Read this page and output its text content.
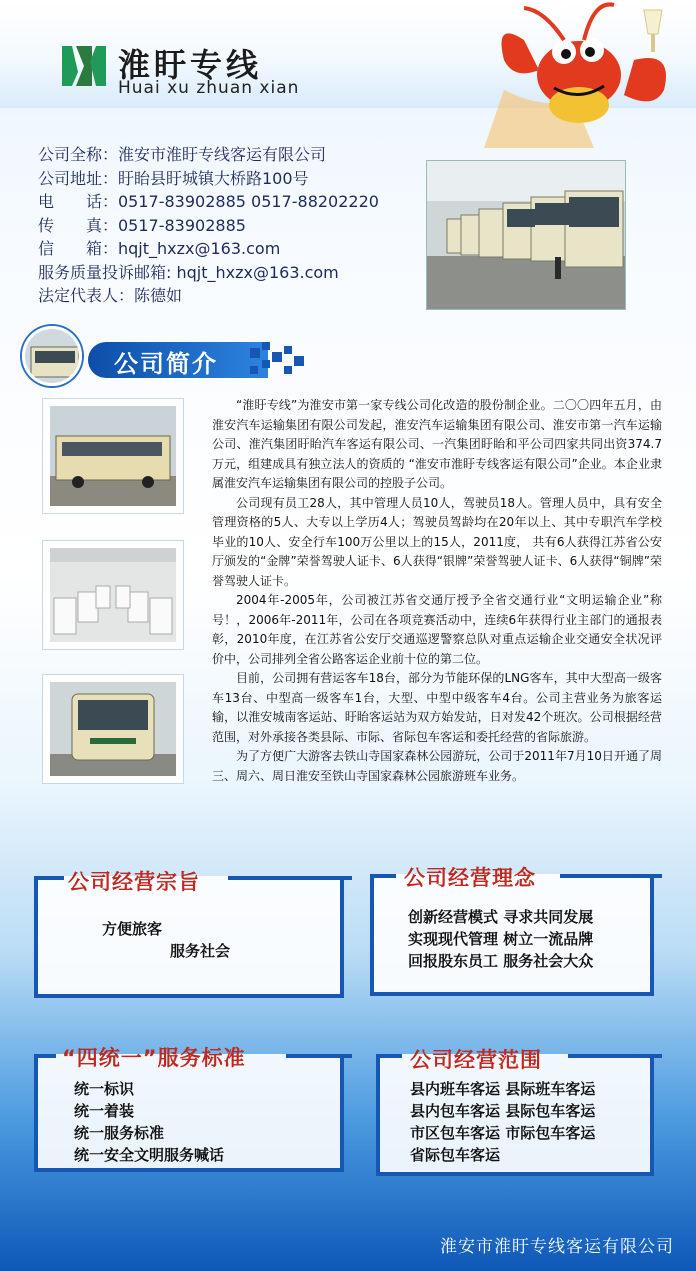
淮盱专线
Huai xu zhuan xian
公司全称：淮安市淮盱专线客运有限公司
公司地址：盱眙县盱城镇大桥路100号
电　　话：0517-83902885 0517-88202220
传　　真：0517-83902885
信　　箱：hqjt_hxzx@163.com
服务质量投诉邮箱: hqjt_hxzx@163.com
法定代表人：陈德如
公司简介

“淮盱专线”为淮安市第一家专线公司化改造的股份制企业。二〇〇四年五月，由淮安汽车运输集团有限公司发起，淮安汽车运输集团有限公司、淮安市第一汽车运输公司、淮汽集团盱眙汽车客运有限公司、一汽集团盱眙和平公司四家共同出资374.7万元，组建成具有独立法人的资质的 “淮安市淮盱专线客运有限公司”企业。本企业隶属淮安汽车运输集团有限公司的控股子公司。

公司现有员工28人，其中管理人员10人，驾驶员18人。管理人员中，具有安全管理资格的5人、大专以上学历4人；驾驶员驾龄均在20年以上、其中专职汽车学校毕业的10人、安全行车100万公里以上的15人，2011度， 共有6人获得江苏省公安厅颁发的“金牌”荣誉驾驶人证卡、6人获得“银牌”荣誉驾驶人证卡、6人获得“铜牌”荣誉驾驶人证卡。

2004年-2005年，公司被江苏省交通厅授予全省交通行业“文明运输企业”称号！，2006年-2011年，公司在各项竞赛活动中，连续6年获得行业主部门的通报表彰，2010年度，在江苏省公安厅交通巡逻警察总队对重点运输企业交通安全状况评价中，公司排列全省公路客运企业前十位的第二位。

目前，公司拥有营运客车18台，部分为节能环保的LNG客车，其中大型高一级客车13台、中型高一级客车1台，大型、中型中级客车4台。公司主营业务为旅客运输，以淮安城南客运站、盱眙客运站为双方始发站，日对发42个班次。公司根据经营范围，对外承接各类县际、市际、省际包车客运和委托经营的省际旅游。

为了方便广大游客去铁山寺国家森林公园游玩，公司于2011年7月10日开通了周三、周六、周日淮安至铁山寺国家森林公园旅游班车业务。

公司经营宗旨
方便旅客
服务社会
公司经营理念
创新经营模式 寻求共同发展
实现现代管理 树立一流品牌
回报股东员工 服务社会大众
“四统一”服务标准
统一标识
统一着装
统一服务标准
统一安全文明服务喊话
公司经营范围
县内班车客运 县际班车客运
县内包车客运 县际包车客运
市区包车客运 市际包车客运
省际包车客运
淮安市淮盱专线客运有限公司
